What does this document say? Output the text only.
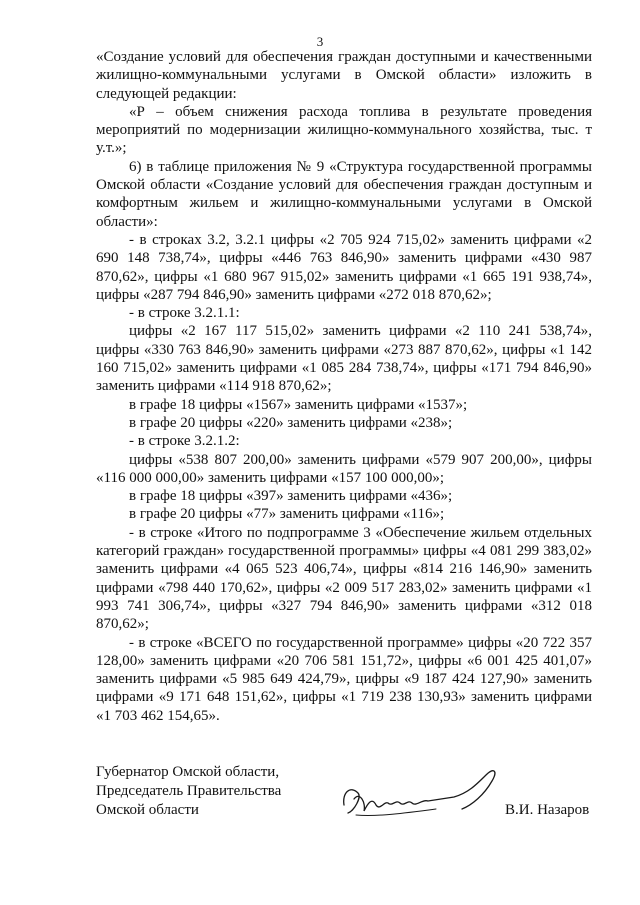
3

«Создание условий для обеспечения граждан доступными и качественными жилищно-коммунальными услугами в Омской области» изложить в следующей редакции:

«Р – объем снижения расхода топлива в результате проведения мероприятий по модернизации жилищно-коммунального хозяйства, тыс. т у.т.»;

6) в таблице приложения № 9 «Структура государственной программы Омской области «Создание условий для обеспечения граждан доступным и комфортным жильем и жилищно-коммунальными услугами в Омской области»:

- в строках 3.2, 3.2.1 цифры «2 705 924 715,02» заменить цифрами «2 690 148 738,74», цифры «446 763 846,90» заменить цифрами «430 987 870,62», цифры «1 680 967 915,02» заменить цифрами «1 665 191 938,74», цифры «287 794 846,90» заменить цифрами «272 018 870,62»;

- в строке 3.2.1.1:

цифры «2 167 117 515,02» заменить цифрами «2 110 241 538,74», цифры «330 763 846,90» заменить цифрами «273 887 870,62», цифры «1 142 160 715,02» заменить цифрами «1 085 284 738,74», цифры «171 794 846,90» заменить цифрами «114 918 870,62»;

в графе 18 цифры «1567» заменить цифрами «1537»;

в графе 20 цифры «220» заменить цифрами «238»;

- в строке 3.2.1.2:

цифры «538 807 200,00» заменить цифрами «579 907 200,00», цифры «116 000 000,00» заменить цифрами «157 100 000,00»;

в графе 18 цифры «397» заменить цифрами «436»;

в графе 20 цифры «77» заменить цифрами «116»;

- в строке «Итого по подпрограмме 3 «Обеспечение жильем отдельных категорий граждан» государственной программы» цифры «4 081 299 383,02» заменить цифрами «4 065 523 406,74», цифры «814 216 146,90» заменить цифрами «798 440 170,62», цифры «2 009 517 283,02» заменить цифрами «1 993 741 306,74», цифры «327 794 846,90» заменить цифрами «312 018 870,62»;

- в строке «ВСЕГО по государственной программе» цифры «20 722 357 128,00» заменить цифрами «20 706 581 151,72», цифры «6 001 425 401,07» заменить цифрами «5 985 649 424,79», цифры «9 187 424 127,90» заменить цифрами «9 171 648 151,62», цифры «1 719 238 130,93» заменить цифрами «1 703 462 154,65».

Губернатор Омской области,
Председатель Правительства
Омской области	В.И. Назаров
